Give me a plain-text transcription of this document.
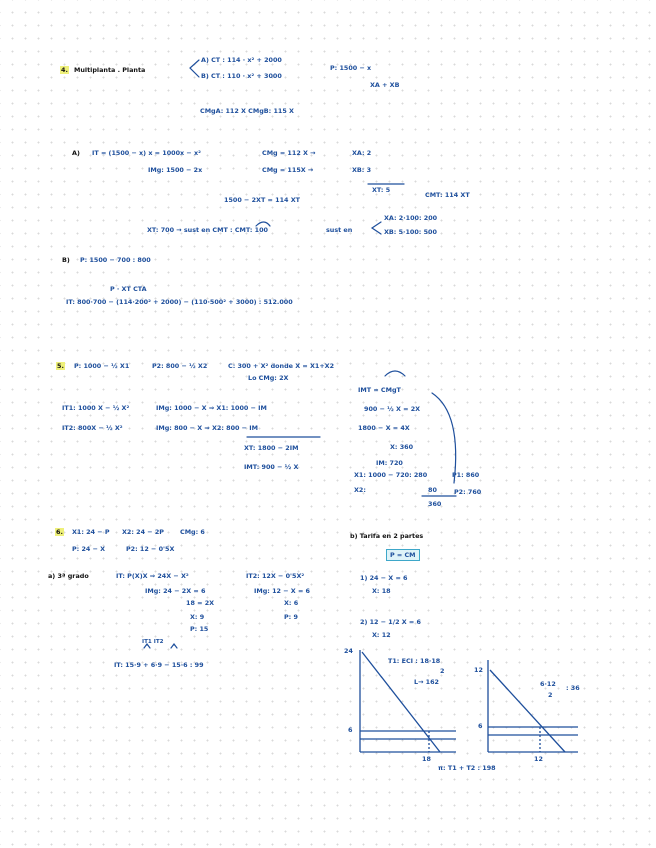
4. Multiplanta . Planta
A) CT : 114 · x² + 2000
B) CT : 110 · x² + 3000
P: 1500 − x
XA + XB
CMgA: 112 X CMgB: 115 X
A) IT = (1500 − x) x = 1000x − x²
IMg: 1500 − 2x
CMg = 112 X →
CMg = 115X →
XA: 2
XB: 3
XT: 5
CMT: 114 XT
1500 − 2XT = 114 XT
XT: 700 → sust en CMT : CMT: 100	sust en
XA: 2·100: 200
XB: 5·100: 500
B) P: 1500 − 700 : 800
P · XT CTA
IT: 800·700 − (114·200² + 2000) − (110·500² + 3000) : 512.000
5. P: 1000 − ½ X1	P2: 800 − ½ X2	C: 300 + X² donde X = X1+X2
Lo CMg: 2X
IT1: 1000 X − ½ X²
IT2: 800X − ½ X²
IMg: 1000 − X ⇒ X1: 1000 − IM
IMg: 800 − X ⇒ X2: 800 − IM
XT: 1800 − 2IM
IMT: 900 − ½ X
IMT = CMgT
900 − ½ X = 2X
1800 − X = 4X
X: 360
IM: 720
X1: 1000 − 720: 280	P1: 860
X2:	80	P2: 760
360
6. X1: 24 − P X2: 24 − 2P	CMg: 6
P: 24 − X	P2: 12 − 0'5X
a) 3ª grado	IT: P(X)X ⇒ 24X − X²
IMg: 24 − 2X = 6
18 = 2X
X: 9
P: 15
IT2: 12X − 0'5X²
IMg: 12 − X = 6
X: 6
P: 9
IT1 IT2
IT: 15·9 + 6·9 − 15·6 : 99
b) Tarifa en 2 partes
P = CM
1) 24 − X = 6
X: 18
2) 12 − 1/2 X = 6
X: 12
24
6
18
T1: ECI : 18·18
2
L→ 162
12
6
12
6·12
2
: 36
π: T1 + T2 : 198
